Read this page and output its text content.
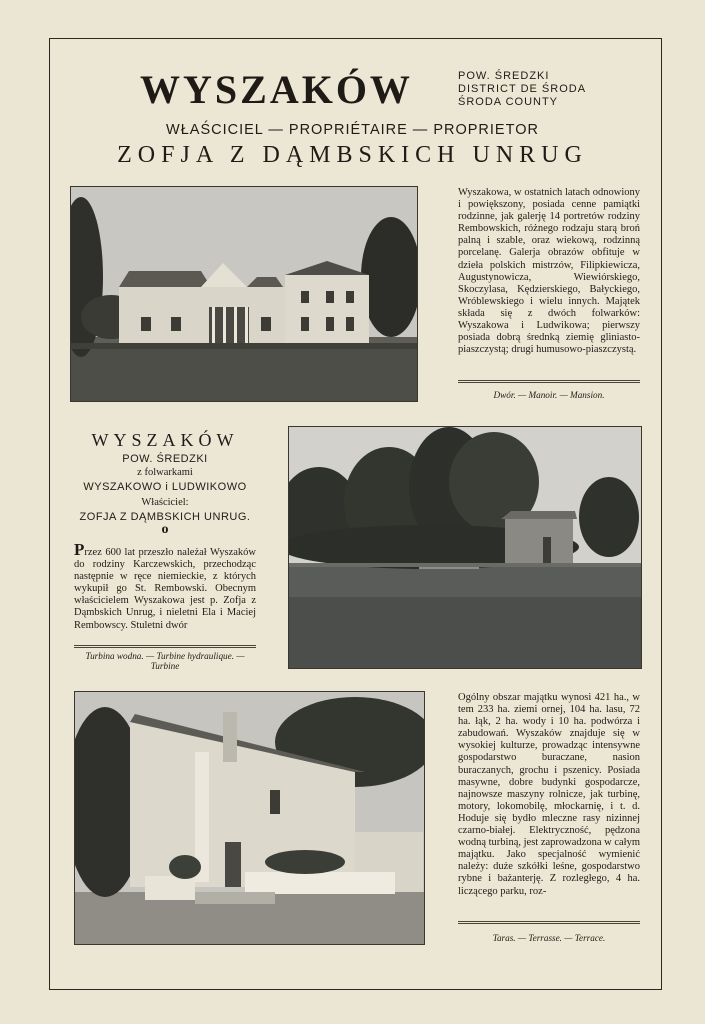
WYSZAKÓW	POW. ŚREDZKI
DISTRICT DE ŚRODA
ŚRODA COUNTY
WŁAŚCICIEL — PROPRIÉTAIRE — PROPRIETOR
ZOFJA Z DĄMBSKICH UNRUG
Wyszakowa, w ostatnich latach odnowiony i powiększony, posiada cenne pamiątki rodzinne, jak galerję 14 portretów rodziny Rembowskich, różnego rodzaju starą broń palną i szable, oraz wiekową, rodzinną porcelanę. Galerja obrazów obfituje w dzieła polskich mistrzów, Filipkiewicza, Augustynowicza, Wiewiórskiego, Skoczylasa, Kędzierskiego, Bałyckiego, Wróblewskiego i wielu innych. Majątek składa się z dwóch folwarków: Wyszakowa i Ludwikowa; pierwszy posiada dobrą średnką ziemię gliniasto-piaszczystą; drugi humusowo-piaszczystą.
Dwór. — Manoir. — Mansion.
WYSZAKÓW
POW. ŚREDZKI
z folwarkami
WYSZAKOWO i LUDWIKOWO
Właściciel:
ZOFJA Z DĄMBSKICH UNRUG.
o
Przez 600 lat przeszło należał Wyszaków do rodziny Karczewskich, przechodząc następnie w ręce niemieckie, z których wykupił go St. Rembowski. Obecnym właścicielem Wyszakowa jest p. Zofja z Dąmbskich Unrug, i nieletni Ela i Maciej Rembowscy. Stuletni dwór
Turbina wodna. — Turbine hydraulique. — Turbine
Ogólny obszar majątku wynosi 421 ha., w tem 233 ha. ziemi ornej, 104 ha. lasu, 72 ha. łąk, 2 ha. wody i 10 ha. podwórza i zabudowań. Wyszaków znajduje się w wysokiej kulturze, prowadząc intensywne gospodarstwo buraczane, nasion buraczanych, grochu i pszenicy. Posiada masywne, dobre budynki gospodarcze, najnowsze maszyny rolnicze, jak turbinę, motory, lokomobilę, młockarnię, i t. d. Hoduje się bydło mleczne rasy nizinnej czarno-białej. Elektryczność, pędzona wodną turbiną, jest zaprowadzona w całym majątku. Jako specjalność wymienić należy: duże szkółki leśne, gospodarstwo rybne i bażanterję. Z rozległego, 4 ha. liczącego parku, roz-
Taras. — Terrasse. — Terrace.
